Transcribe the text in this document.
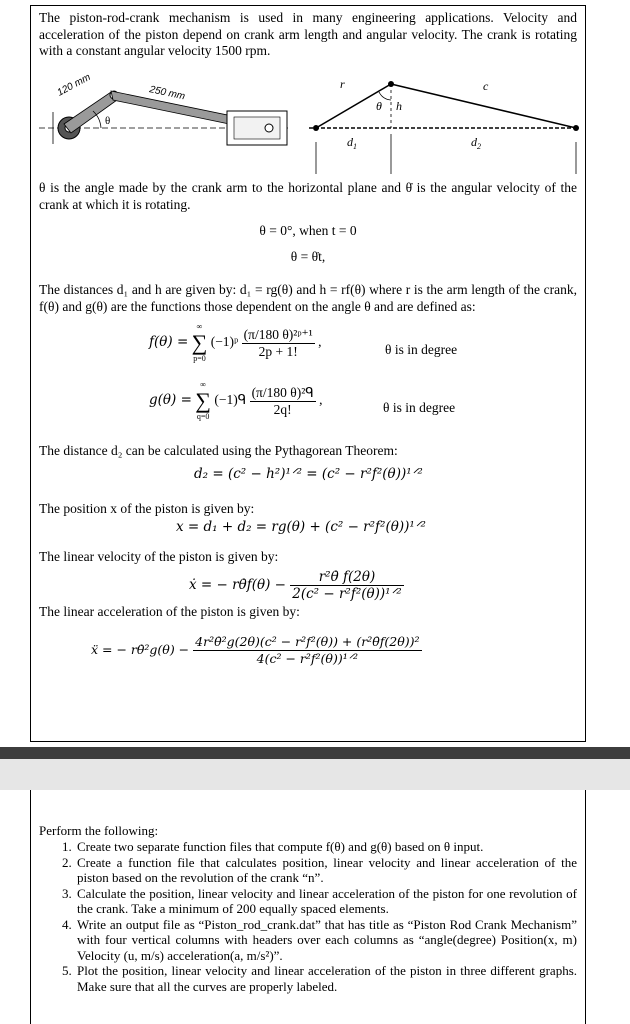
The piston-rod-crank mechanism is used in many engineering applications. Velocity and acceleration of the piston depend on crank arm length and angular velocity. The crank is rotating with a constant angular velocity 1500 rpm.
120 mm	250 mm
θ
r
θ h
c
$d_1$	$d_2$
θ is the angle made by the crank arm to the horizontal plane and θ̇ is the angular velocity of the crank at which it is rotating.
θ = 0°, when t = 0
θ = θ̇t,
The distances d₁ and h are given by: d₁ = rg(θ) and h = rf(θ) where r is the arm length of the crank, f(θ) and g(θ) are the functions those dependent on the angle θ and are defined as:
f(θ) =
∞
∑
p=0
(−1)ᵖ $\frac{\text{(π/180 θ)²ᵖ⁺¹}}{2p + 1!}$ ,
θ is in degree
g(θ) =
∞
∑
q=0
(−1)ᑫ $\frac{\text{(π/180 θ)²ᑫ}}{2q!}$ ,
θ is in degree
The distance d₂ can be calculated using the Pythagorean Theorem:
d₂ = (c² − h²)¹ᐟ² = (c² − r²f²(θ))¹ᐟ²
The position x of the piston is given by:
x = d₁ + d₂ = rg(θ) + (c² − r²f²(θ))¹ᐟ²
The linear velocity of the piston is given by:
ẋ = − rθ̇f(θ) − $\frac{\text{r²θ̇ f(2θ)}}{\text{2(c² − r²f²(θ))¹ᐟ²}}$
The linear acceleration of the piston is given by:
ẍ = − rθ̇²g(θ) − $\frac{\text{4r²θ̇²g(2θ)(c² − r²f²(θ)) + (r²θ̇f(2θ))²}}{\text{4(c² − r²f²(θ))¹ᐟ²}}$
Perform the following:
1. Create two separate function files that compute f(θ) and g(θ) based on θ input.
2. Create a function file that calculates position, linear velocity and linear acceleration of the piston based on the revolution of the crank “n”.
3. Calculate the position, linear velocity and linear acceleration of the piston for one revolution of the crank. Take a minimum of 200 equally spaced elements.
4. Write an output file as “Piston_rod_crank.dat” that has title as “Piston Rod Crank Mechanism” with four vertical columns with headers over each columns as “angle(degree) Position(x, m) Velocity (u, m/s) acceleration(a, m/s²)”.
5. Plot the position, linear velocity and linear acceleration of the piston in three different graphs. Make sure that all the curves are properly labeled.
